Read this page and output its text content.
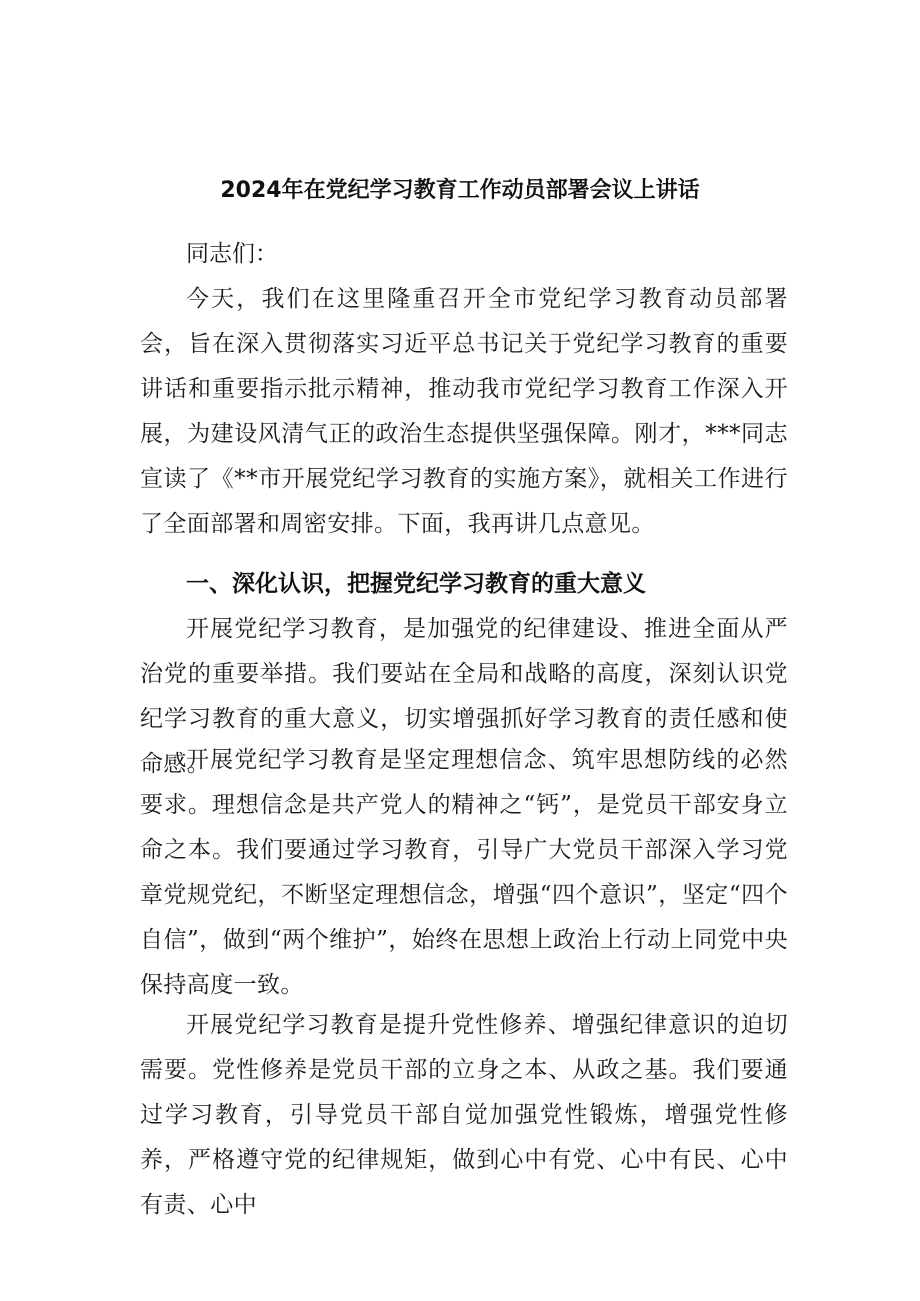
2024年在党纪学习教育工作动员部署会议上讲话

同志们：

今天，我们在这里隆重召开全市党纪学习教育动员部署会，旨在深入贯彻落实习近平总书记关于党纪学习教育的重要讲话和重要指示批示精神，推动我市党纪学习教育工作深入开展，为建设风清气正的政治生态提供坚强保障。刚才，***同志宣读了《**市开展党纪学习教育的实施方案》，就相关工作进行了全面部署和周密安排。下面，我再讲几点意见。

一、深化认识，把握党纪学习教育的重大意义

开展党纪学习教育，是加强党的纪律建设、推进全面从严治党的重要举措。我们要站在全局和战略的高度，深刻认识党纪学习教育的重大意义，切实增强抓好学习教育的责任感和使命感。

开展党纪学习教育是坚定理想信念、筑牢思想防线的必然要求。理想信念是共产党人的精神之“钙”，是党员干部安身立命之本。我们要通过学习教育，引导广大党员干部深入学习党章党规党纪，不断坚定理想信念，增强“四个意识”，坚定“四个自信”，做到“两个维护”，始终在思想上政治上行动上同党中央保持高度一致。

开展党纪学习教育是提升党性修养、增强纪律意识的迫切需要。党性修养是党员干部的立身之本、从政之基。我们要通过学习教育，引导党员干部自觉加强党性锻炼，增强党性修养，严格遵守党的纪律规矩，做到心中有党、心中有民、心中有责、心中
